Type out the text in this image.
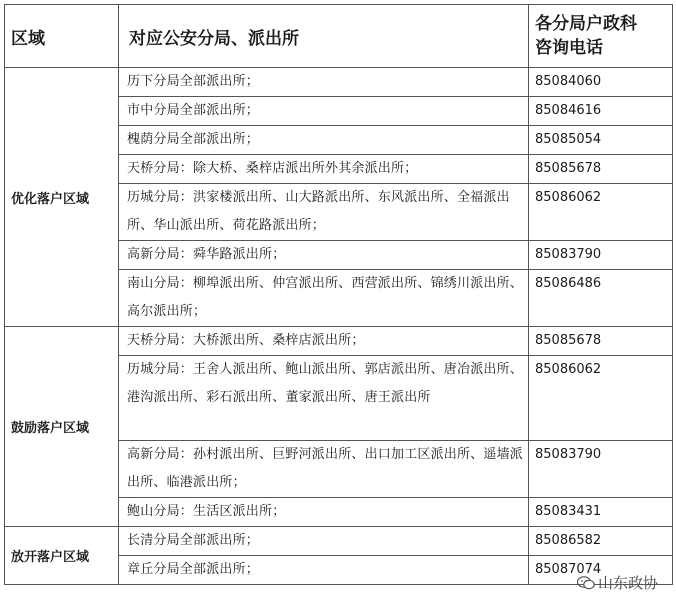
区域	对应公安分局、派出所	各分局户政科
咨询电话
优化落户区域	历下分局全部派出所；	85084060
	市中分局全部派出所；	85084616
	槐荫分局全部派出所；	85085054
	天桥分局：除大桥、桑梓店派出所外其余派出所；	85085678
	历城分局：洪家楼派出所、山大路派出所、东风派出所、全福派出所、华山派出所、荷花路派出所；	85086062
	高新分局：舜华路派出所；	85083790
	南山分局：柳埠派出所、仲宫派出所、西营派出所、锦绣川派出所、高尔派出所；	85086486
鼓励落户区域	天桥分局：大桥派出所、桑梓店派出所；	85085678
	历城分局：王舍人派出所、鲍山派出所、郭店派出所、唐冶派出所、港沟派出所、彩石派出所、董家派出所、唐王派出所	85086062
	高新分局：孙村派出所、巨野河派出所、出口加工区派出所、遥墙派出所、临港派出所；	85083790
	鲍山分局：生活区派出所；	85083431
放开落户区域	长清分局全部派出所；	85086582
	章丘分局全部派出所；	85087074
山东政协
